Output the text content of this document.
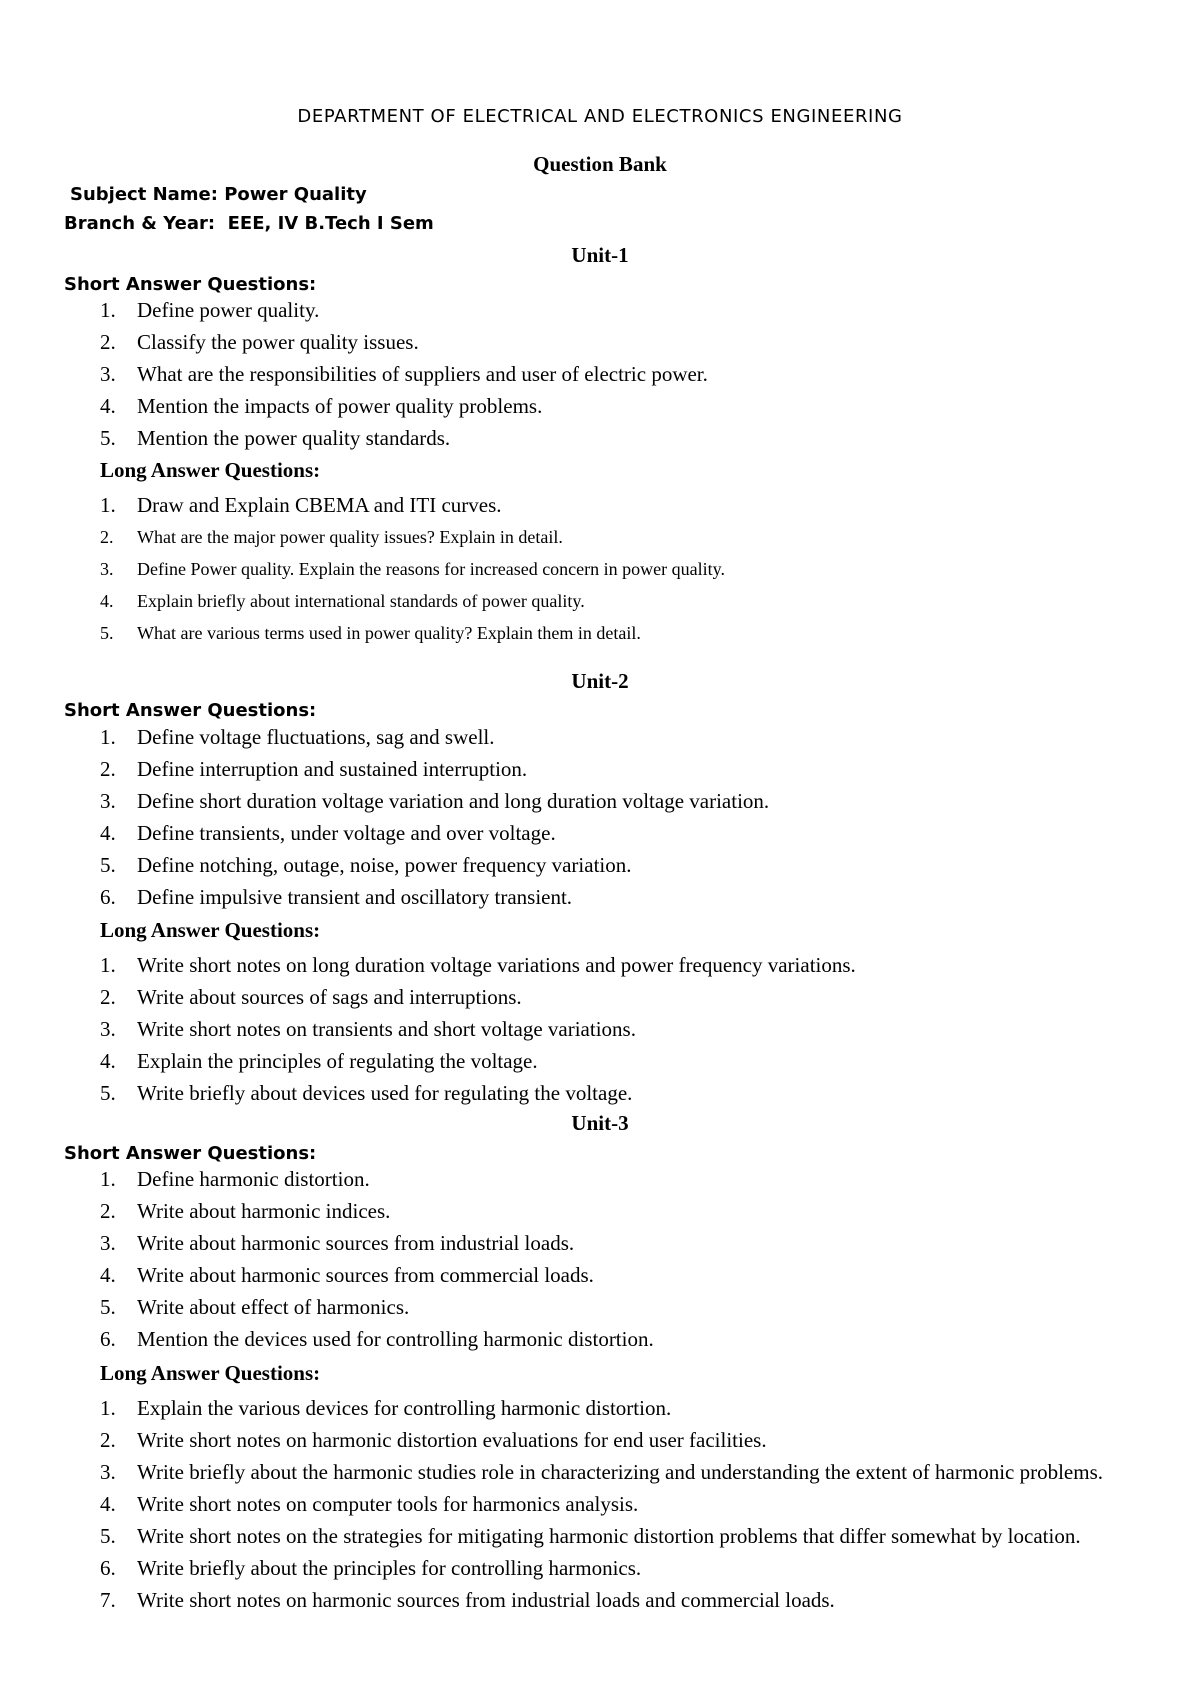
DEPARTMENT OF ELECTRICAL AND ELECTRONICS ENGINEERING
Question Bank
Subject Name: Power Quality
Branch & Year:  EEE, IV B.Tech I Sem
Unit-1
Short Answer Questions:
1. Define power quality.
2. Classify the power quality issues.
3. What are the responsibilities of suppliers and user of electric power.
4. Mention the impacts of power quality problems.
5. Mention the power quality standards.
Long Answer Questions:
1. Draw and Explain CBEMA and ITI curves.
2. What are the major power quality issues? Explain in detail.
3. Define Power quality. Explain the reasons for increased concern in power quality.
4. Explain briefly about international standards of power quality.
5. What are various terms used in power quality? Explain them in detail.
Unit-2
Short Answer Questions:
1. Define voltage fluctuations, sag and swell.
2. Define interruption and sustained interruption.
3. Define short duration voltage variation and long duration voltage variation.
4. Define transients, under voltage and over voltage.
5. Define notching, outage, noise, power frequency variation.
6. Define impulsive transient and oscillatory transient.
Long Answer Questions:
1. Write short notes on long duration voltage variations and power frequency variations.
2. Write about sources of sags and interruptions.
3. Write short notes on transients and short voltage variations.
4. Explain the principles of regulating the voltage.
5. Write briefly about devices used for regulating the voltage.
Unit-3
Short Answer Questions:
1. Define harmonic distortion.
2. Write about harmonic indices.
3. Write about harmonic sources from industrial loads.
4. Write about harmonic sources from commercial loads.
5. Write about effect of harmonics.
6. Mention the devices used for controlling harmonic distortion.
Long Answer Questions:
1. Explain the various devices for controlling harmonic distortion.
2. Write short notes on harmonic distortion evaluations for end user facilities.
3. Write briefly about the harmonic studies role in characterizing and understanding the extent of harmonic problems.
4. Write short notes on computer tools for harmonics analysis.
5. Write short notes on the strategies for mitigating harmonic distortion problems that differ somewhat by location.
6. Write briefly about the principles for controlling harmonics.
7. Write short notes on harmonic sources from industrial loads and commercial loads.
